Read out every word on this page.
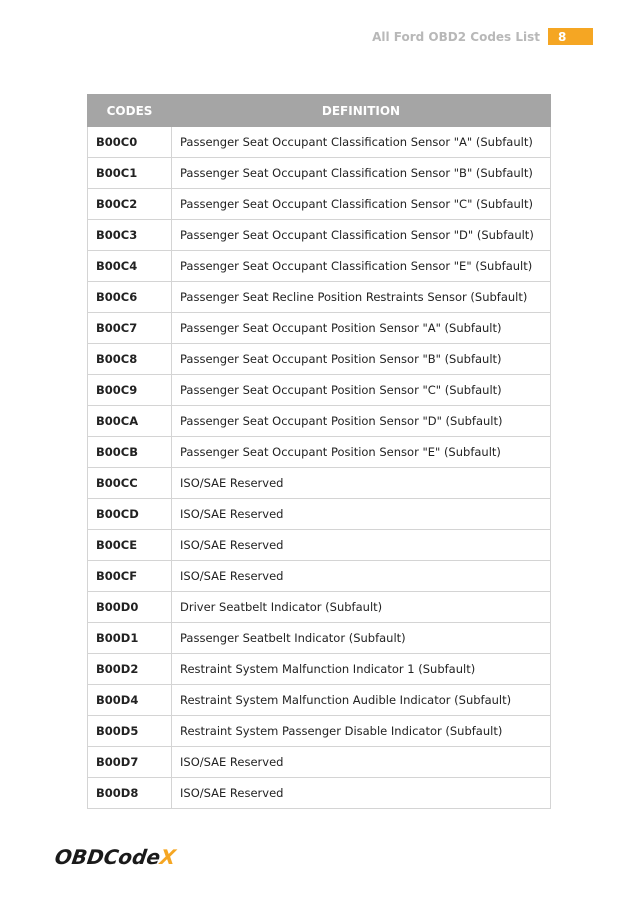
All Ford OBD2 Codes List	8
CODES	DEFINITION
B00C0	Passenger Seat Occupant Classification Sensor "A" (Subfault)
B00C1	Passenger Seat Occupant Classification Sensor "B" (Subfault)
B00C2	Passenger Seat Occupant Classification Sensor "C" (Subfault)
B00C3	Passenger Seat Occupant Classification Sensor "D" (Subfault)
B00C4	Passenger Seat Occupant Classification Sensor "E" (Subfault)
B00C6	Passenger Seat Recline Position Restraints Sensor (Subfault)
B00C7	Passenger Seat Occupant Position Sensor "A" (Subfault)
B00C8	Passenger Seat Occupant Position Sensor "B" (Subfault)
B00C9	Passenger Seat Occupant Position Sensor "C" (Subfault)
B00CA	Passenger Seat Occupant Position Sensor "D" (Subfault)
B00CB	Passenger Seat Occupant Position Sensor "E" (Subfault)
B00CC	ISO/SAE Reserved
B00CD	ISO/SAE Reserved
B00CE	ISO/SAE Reserved
B00CF	ISO/SAE Reserved
B00D0	Driver Seatbelt Indicator (Subfault)
B00D1	Passenger Seatbelt Indicator (Subfault)
B00D2	Restraint System Malfunction Indicator 1 (Subfault)
B00D4	Restraint System Malfunction Audible Indicator (Subfault)
B00D5	Restraint System Passenger Disable Indicator (Subfault)
B00D7	ISO/SAE Reserved
B00D8	ISO/SAE Reserved
OBDCodeX
